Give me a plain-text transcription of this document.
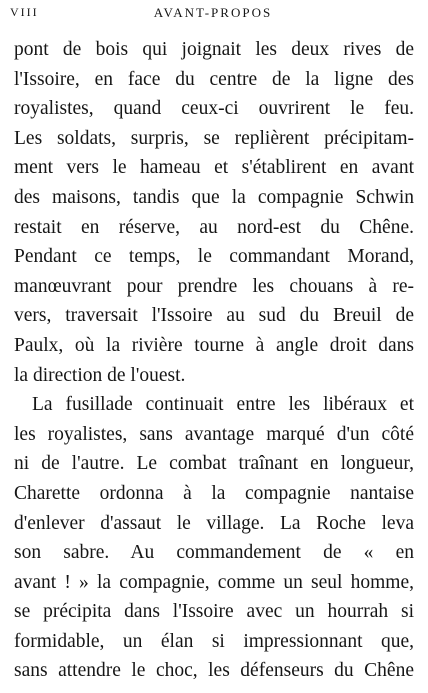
VIII	AVANT-PROPOS
pont de bois qui joignait les deux rives de
l'Issoire, en face du centre de la ligne des
royalistes, quand ceux-ci ouvrirent le feu.
Les soldats, surpris, se replièrent précipitam-
ment vers le hameau et s'établirent en avant
des maisons, tandis que la compagnie Schwin
restait en réserve, au nord-est du Chêne.
Pendant ce temps, le commandant Morand,
manœuvrant pour prendre les chouans à re-
vers, traversait l'Issoire au sud du Breuil de
Paulx, où la rivière tourne à angle droit dans
la direction de l'ouest.
La fusillade continuait entre les libéraux et
les royalistes, sans avantage marqué d'un côté
ni de l'autre. Le combat traînant en longueur,
Charette ordonna à la compagnie nantaise
d'enlever d'assaut le village. La Roche leva
son sabre. Au commandement de « en
avant ! » la compagnie, comme un seul homme,
se précipita dans l'Issoire avec un hourrah si
formidable, un élan si impressionnant que,
sans attendre le choc, les défenseurs du Chêne
